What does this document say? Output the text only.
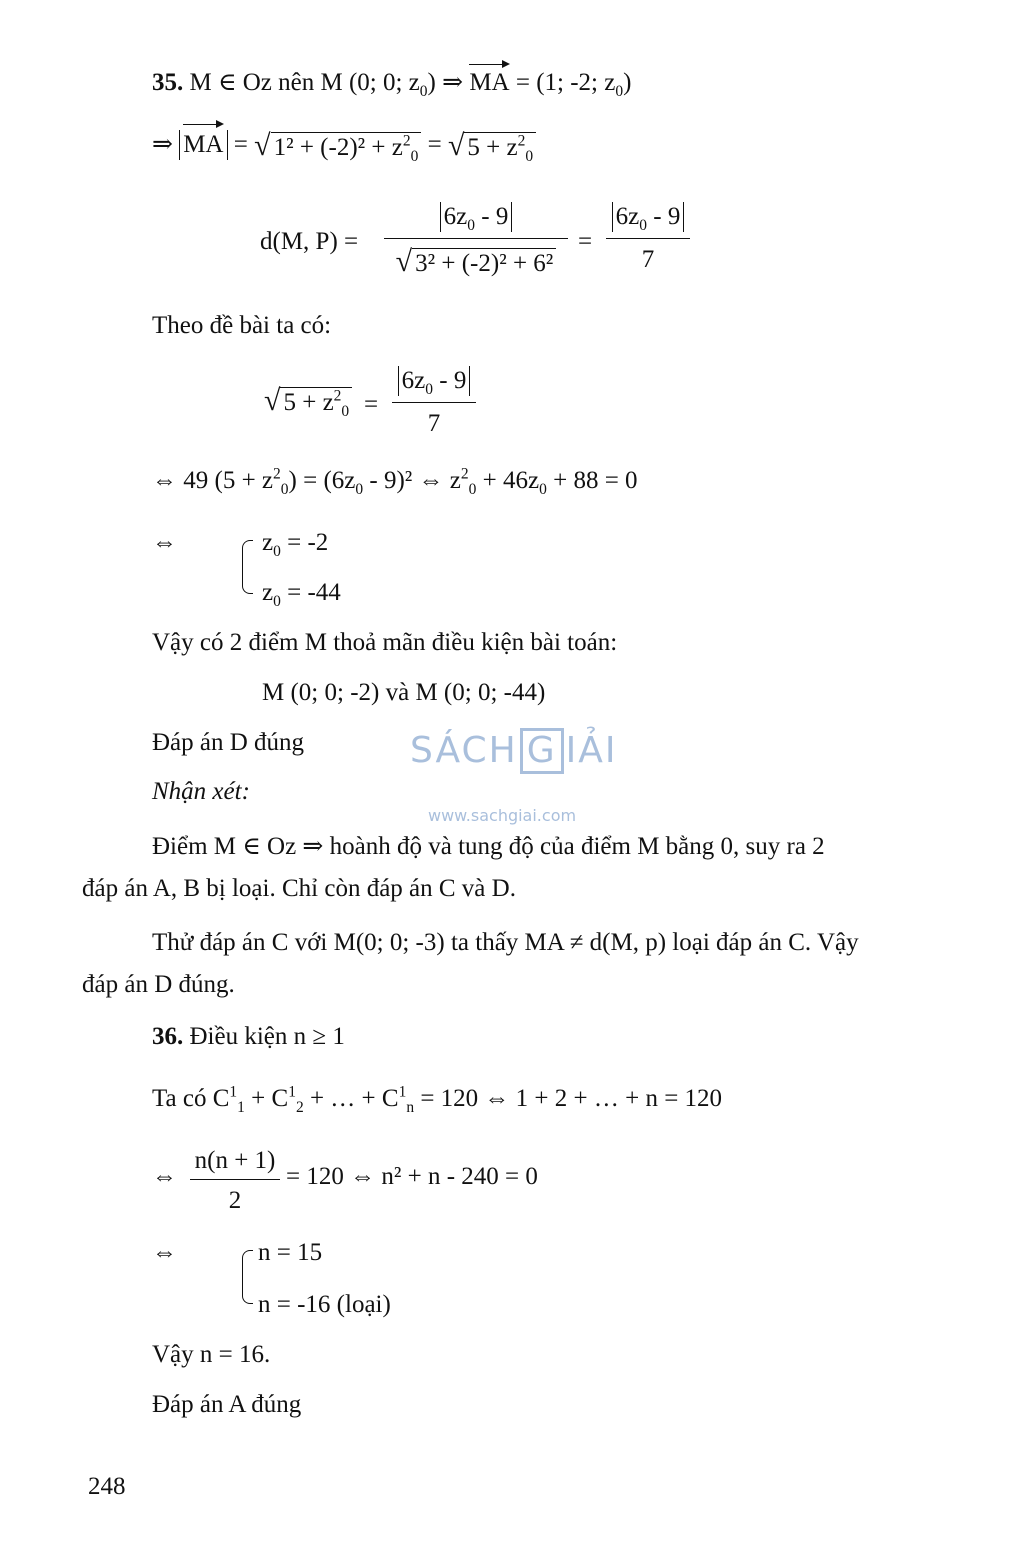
35. M ∈ Oz nên M (0; 0; $z_0$) ⇒ MA = (1; -2; $z_0$)
⇒ MA = √ $1^2 + (-2)^2 + z^2_0$ = √ $5 + z^2_0$
d(M, P) =
$6z_0 - 9$
√ 3² + (-2)² + 6²
=
$6z_0 - 9$
7
Theo đề bài ta có:
√ $5 + z^2_0$ =
$6z_0 - 9$
7
⇔ 49 $(5 + z^2_0) = (6z_0 - 9)^2$ ⇔ $z^2_0 + 46z_0 + 88 = 0$
⇔	$z_0 = -2$
$z_0 = -44$
Vậy có 2 điểm M thoả mãn điều kiện bài toán:
M (0; 0; -2) và M (0; 0; -44)
Đáp án D đúng
Nhận xét:
SÁCH G IẢI
www.sachgiai.com
Điểm M ∈ Oz ⇒ hoành độ và tung độ của điểm M bằng 0, suy ra 2
đáp án A, B bị loại. Chỉ còn đáp án C và D.
Thử đáp án C với M(0; 0; -3) ta thấy MA ≠ d(M, p) loại đáp án C. Vậy
đáp án D đúng.
36. Điều kiện n ≥ 1
Ta có $C^1_1 + C^1_2$ + … + $C^1_n = 120$ ⇔ 1 + 2 + … + n = 120
⇔
n(n + 1)
2
= 120 ⇔ n² + n - 240 = 0
⇔	n = 15
n = -16 (loại)
Vậy n = 16.
Đáp án A đúng
248
